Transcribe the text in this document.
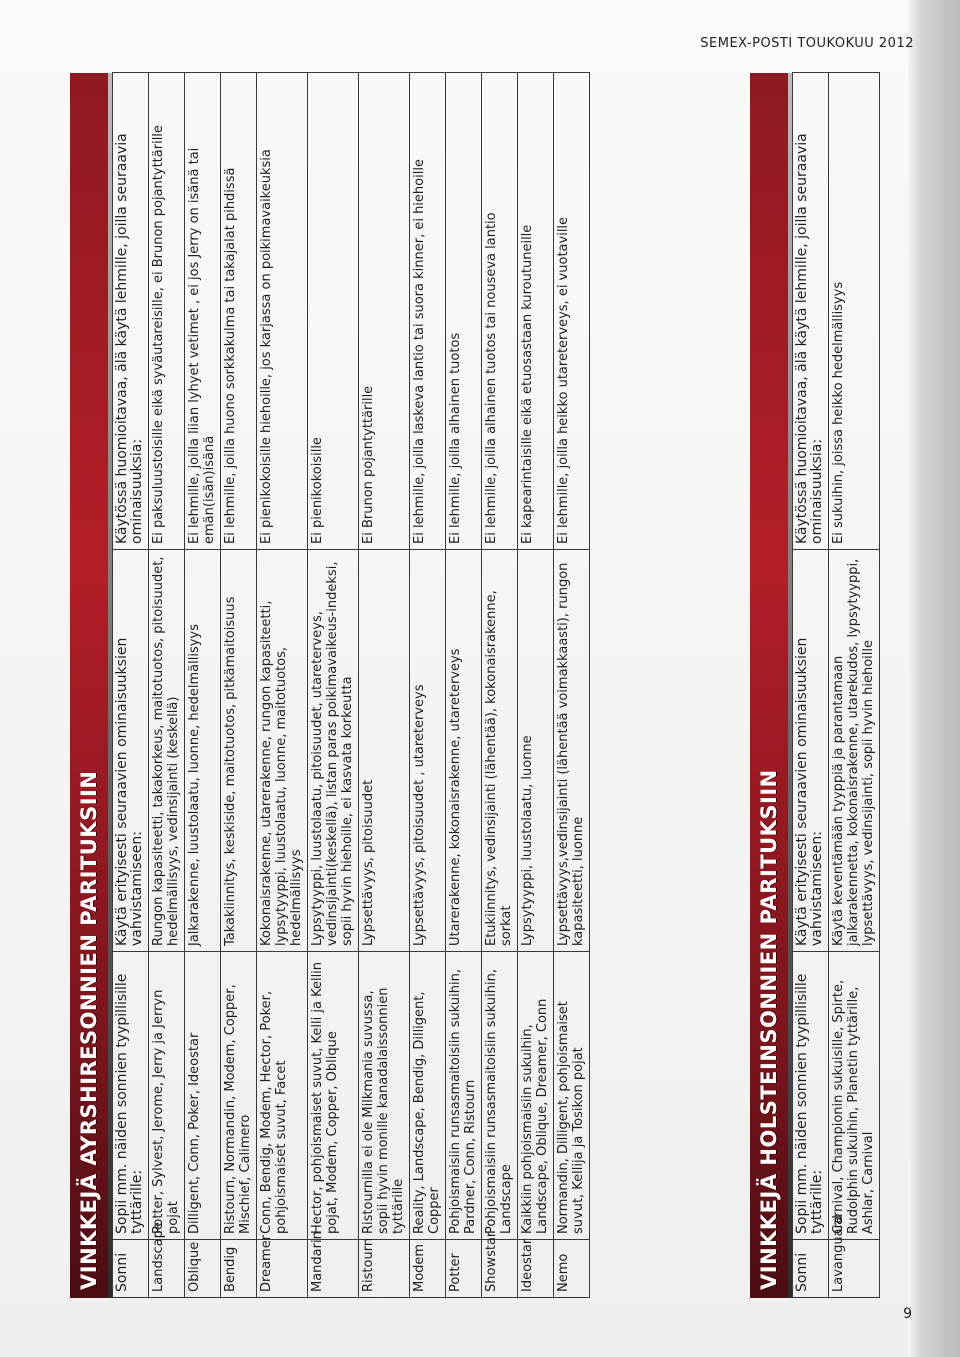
SEMEX-POSTI TOUKOKUU 2012
9
VINKKEJÄ AYRSHIRESONNIEN PARITUKSIIN Sonni	Sopii mm. näiden sonnien tyypillisille tyttärille:	Käytä erityisesti seuraavien ominaisuuksien vahvistamiseen:	Käytössä huomioitavaa, älä käytä lehmille, joilla seuraavia ominaisuuksia:
Landscape	Potter, Sylvest, Jerome, Jerry ja Jerryn pojat	Rungon kapasiteetti, takakorkeus, maitotuotos, pitoisuudet, hedelmällisyys, vedinsijainti (keskellä)	Ei paksuluustoisille eikä syväutareisille, ei Brunon pojantyttärille
Oblique	Dilligent, Conn, Poker, Ideostar	Jalkarakenne, luustolaatu, luonne, hedelmällisyys	Ei lehmille, joilla liian lyhyet vetimet , ei jos Jerry on isänä tai emän(isän)isänä
Bendig	Ristourn, Normandin, Modem, Copper, Mischief, Calimero	Takakiinnitys, keskiside, maitotuotos, pitkämaitoisuus	Ei lehmille, joilla huono sorkkakulma tai takajalat pihdissä
Dreamer	Conn, Bendig, Modem, Hector, Poker, pohjoismaiset suvut, Facet	Kokonaisrakenne, utarerakenne, rungon kapasiteetti, lypsytyyppi, luustolaatu, luonne, maitotuotos, hedelmällisyys	Ei pienikokoisille hiehoille, jos karjassa on poikimavaikeuksia
Mandarin	Hector, pohjoismaiset suvut, Kelli ja Kellin pojat, Modem, Copper, Oblique	Lypsytyyppi, luustolaatu, pitoisuudet, utareterveys, vedinsijainti(keskellä), listan paras poikimavaikeus-indeksi, sopii hyvin hiehoille, ei kasvata korkeutta	Ei pienikokoisille
Ristourn	Ristournilla ei ole Milkmania suvussa, sopii hyvin monille kanadalaissonnien tyttärille	Lypsettävyys, pitoisuudet	Ei Brunon pojantyttärille
Modem	Reality, Landscape, Bendig, Dilligent, Copper	Lypsettävyys, pitoisuudet , utareterveys	Ei lehmille, joilla laskeva lantio tai suora kinner, ei hiehoille
Potter	Pohjoismaisiin runsasmaitoisiin sukuihin, Pardner, Conn, Ristourn	Utarerakenne, kokonaisrakenne, utareterveys	Ei lehmille, joilla alhainen tuotos
Showstar	Pohjoismaisiin runsasmaitoisiin sukuihin, Landscape	Etukiinnitys, vedinsijainti (lähentää), kokonaisrakenne, sorkat	Ei lehmille, joilla alhainen tuotos tai nouseva lantio
Ideostar	Kaikkiin pohjoismaisiin sukuihin, Landscape, Oblique, Dreamer, Conn	Lypsytyyppi, luustolaatu, luonne	Ei kapearintaisille eikä etuosastaan kuroutuneille
Nemo	Normandin, Dilligent, pohjoismaiset suvut, Kellija ja Tosikon pojat	Lypsettävyys,vedinsijainti (lähentää voimakkaasti), rungon kapasiteetti, luonne	Ei lehmille, joilla heikko utareterveys, ei vuotaville
VINKKEJÄ HOLSTEINSONNIEN PARITUKSIIN Sonni	Sopii mm. näiden sonnien tyypillisille tyttärille:	Käytä erityisesti seuraavien ominaisuuksien vahvistamiseen:	Käytössä huomioitavaa, älä käytä lehmille, joilla seuraavia ominaisuuksia:
Lavanguard	Carnival, Championin sukuisille, Spirte, Rudolphin sukuihin, Planetin tyttärille, Ashlar, Carnival	Käytä keventämään tyyppiä ja parantamaan jalkarakennetta, kokonaisrakenne, utarekudos, lypsytyyppi, lypsettävyys, vedinsijainti, sopii hyvin hiehoille	Ei sukuihin, joissa heikko hedelmällisyys
